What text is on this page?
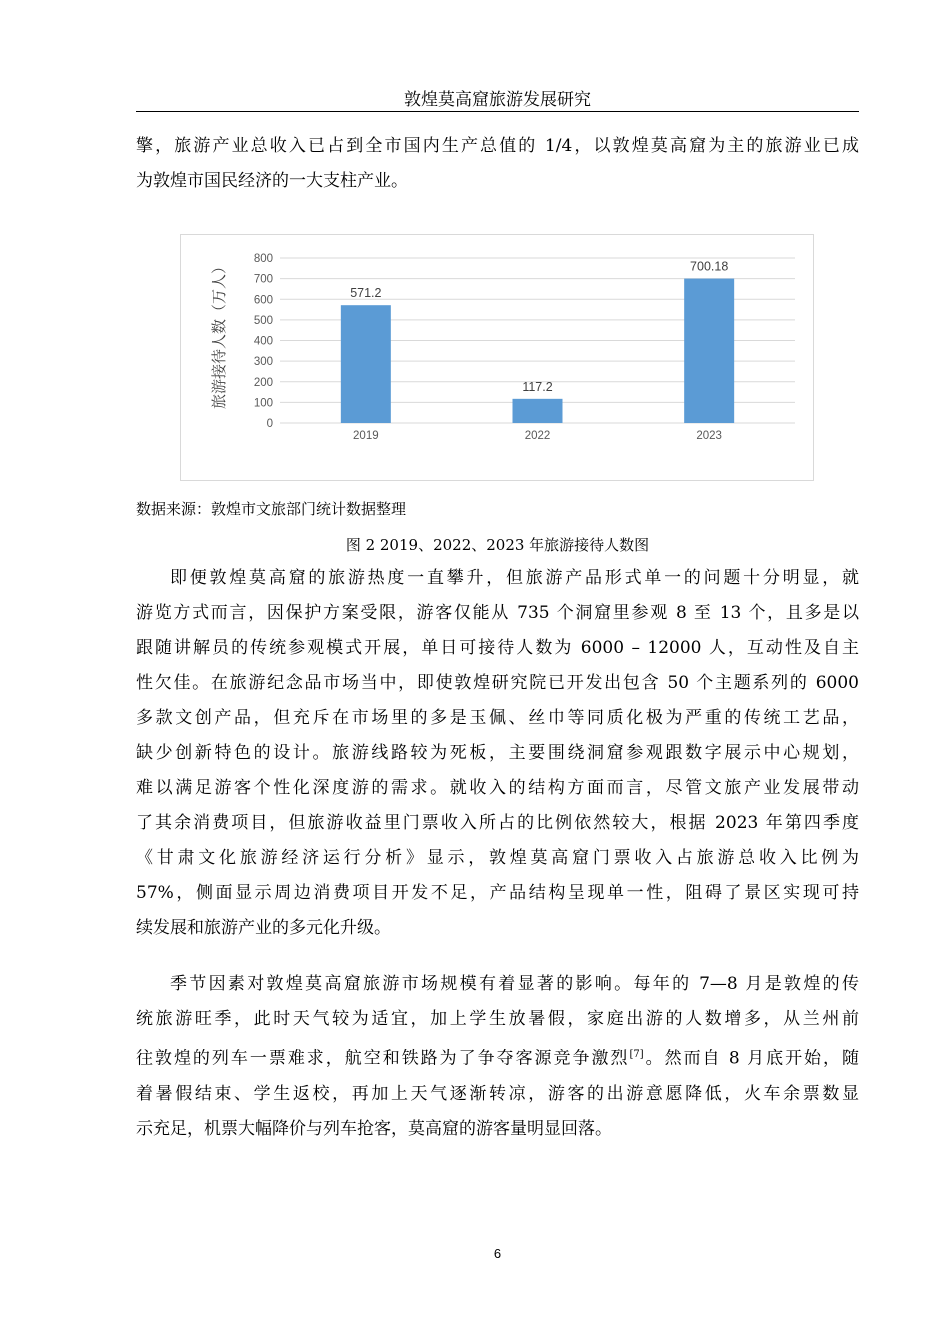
敦煌莫高窟旅游发展研究
擎，旅游产业总收入已占到全市国内生产总值的 1/4，以敦煌莫高窟为主的旅游业已成
为敦煌市国民经济的一大支柱产业。
0
100
200
300
400
500
600
700
800
571.2
117.2
700.18
2019	2022	2023
旅游接待人数（万人）
数据来源：敦煌市文旅部门统计数据整理
图 2 2019、2022、2023 年旅游接待人数图
即便敦煌莫高窟的旅游热度一直攀升，但旅游产品形式单一的问题十分明显，就
游览方式而言，因保护方案受限，游客仅能从 735 个洞窟里参观 8 至 13 个，且多是以
跟随讲解员的传统参观模式开展，单日可接待人数为 6000 – 12000 人，互动性及自主
性欠佳。在旅游纪念品市场当中，即使敦煌研究院已开发出包含 50 个主题系列的 6000
多款文创产品，但充斥在市场里的多是玉佩、丝巾等同质化极为严重的传统工艺品，
缺少创新特色的设计。旅游线路较为死板，主要围绕洞窟参观跟数字展示中心规划，
难以满足游客个性化深度游的需求。就收入的结构方面而言，尽管文旅产业发展带动
了其余消费项目，但旅游收益里门票收入所占的比例依然较大，根据 2023 年第四季度
《甘肃文化旅游经济运行分析》显示，敦煌莫高窟门票收入占旅游总收入比例为
57%，侧面显示周边消费项目开发不足，产品结构呈现单一性，阻碍了景区实现可持
续发展和旅游产业的多元化升级。
季节因素对敦煌莫高窟旅游市场规模有着显著的影响。每年的 7—8 月是敦煌的传
统旅游旺季，此时天气较为适宜，加上学生放暑假，家庭出游的人数增多，从兰州前
往敦煌的列车一票难求，航空和铁路为了争夺客源竞争激烈[7]。然而自 8 月底开始，随
着暑假结束、学生返校，再加上天气逐渐转凉，游客的出游意愿降低，火车余票数显
示充足，机票大幅降价与列车抢客，莫高窟的游客量明显回落。
6
